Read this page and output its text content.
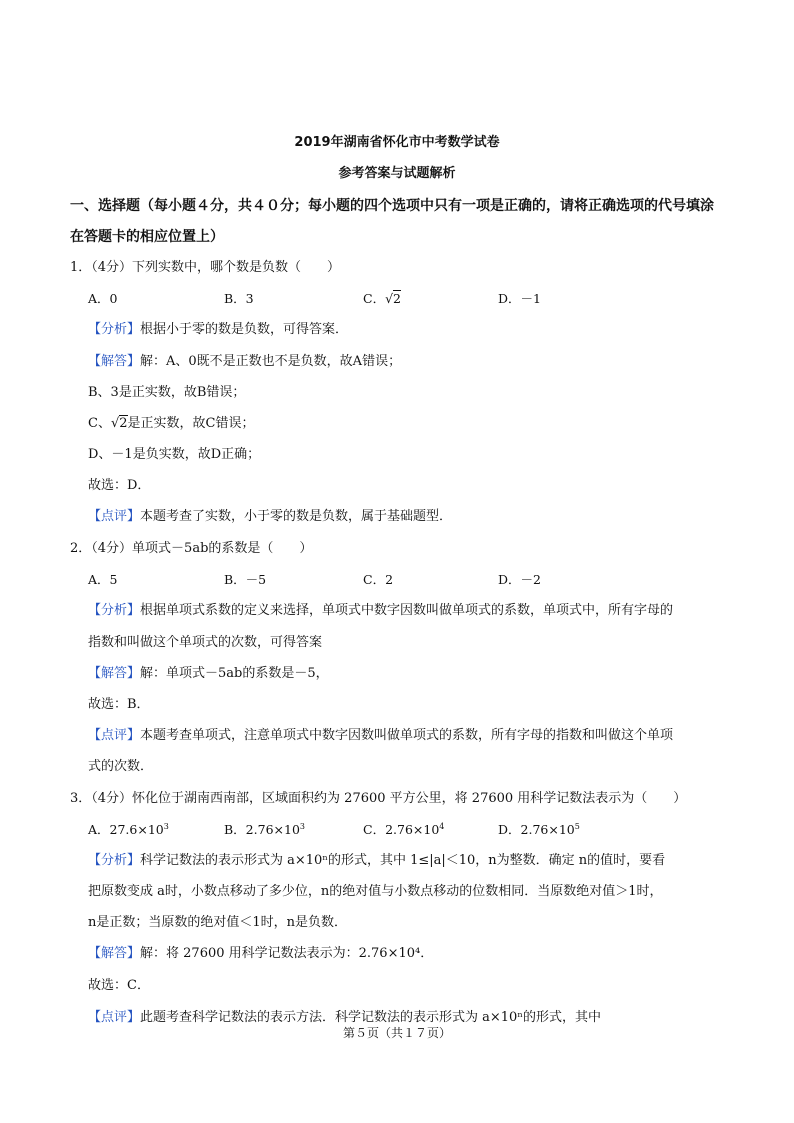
2019年湖南省怀化市中考数学试卷
参考答案与试题解析
一、选择题（每小题４分，共４０分；每小题的四个选项中只有一项是正确的，请将正确选项的代号填涂
在答题卡的相应位置上）
1．（4分）下列实数中，哪个数是负数（　　）
A．0	B．3	C．√2	D．－1
【分析】根据小于零的数是负数，可得答案．
【解答】解：A、0既不是正数也不是负数，故A错误；
B、3是正实数，故B错误；
C、√2是正实数，故C错误；
D、－1是负实数，故D正确；
故选：D．
【点评】本题考查了实数，小于零的数是负数，属于基础题型．
2．（4分）单项式－5ab的系数是（　　）
A．5	B．－5	C．2	D．－2
【分析】根据单项式系数的定义来选择，单项式中数字因数叫做单项式的系数，单项式中，所有字母的
指数和叫做这个单项式的次数，可得答案
【解答】解：单项式－5ab的系数是－5，
故选：B．
【点评】本题考查单项式，注意单项式中数字因数叫做单项式的系数，所有字母的指数和叫做这个单项
式的次数．
3．（4分）怀化位于湖南西南部，区域面积约为 27600 平方公里，将 27600 用科学记数法表示为（　　）
A．$27.6\times 10^3$	B．$2.76\times 10^3$	C．$2.76\times 10^4$	D．$2.76\times 10^5$
【分析】科学记数法的表示形式为 a×10ⁿ的形式，其中 1≤|a|＜10，n为整数．确定 n的值时，要看
把原数变成 a时，小数点移动了多少位，n的绝对值与小数点移动的位数相同．当原数绝对值＞1时，
n是正数；当原数的绝对值＜1时，n是负数．
【解答】解：将 27600 用科学记数法表示为：2.76×10⁴．
故选：C．
【点评】此题考查科学记数法的表示方法．科学记数法的表示形式为 a×10ⁿ的形式，其中
第５页（共１７页）
